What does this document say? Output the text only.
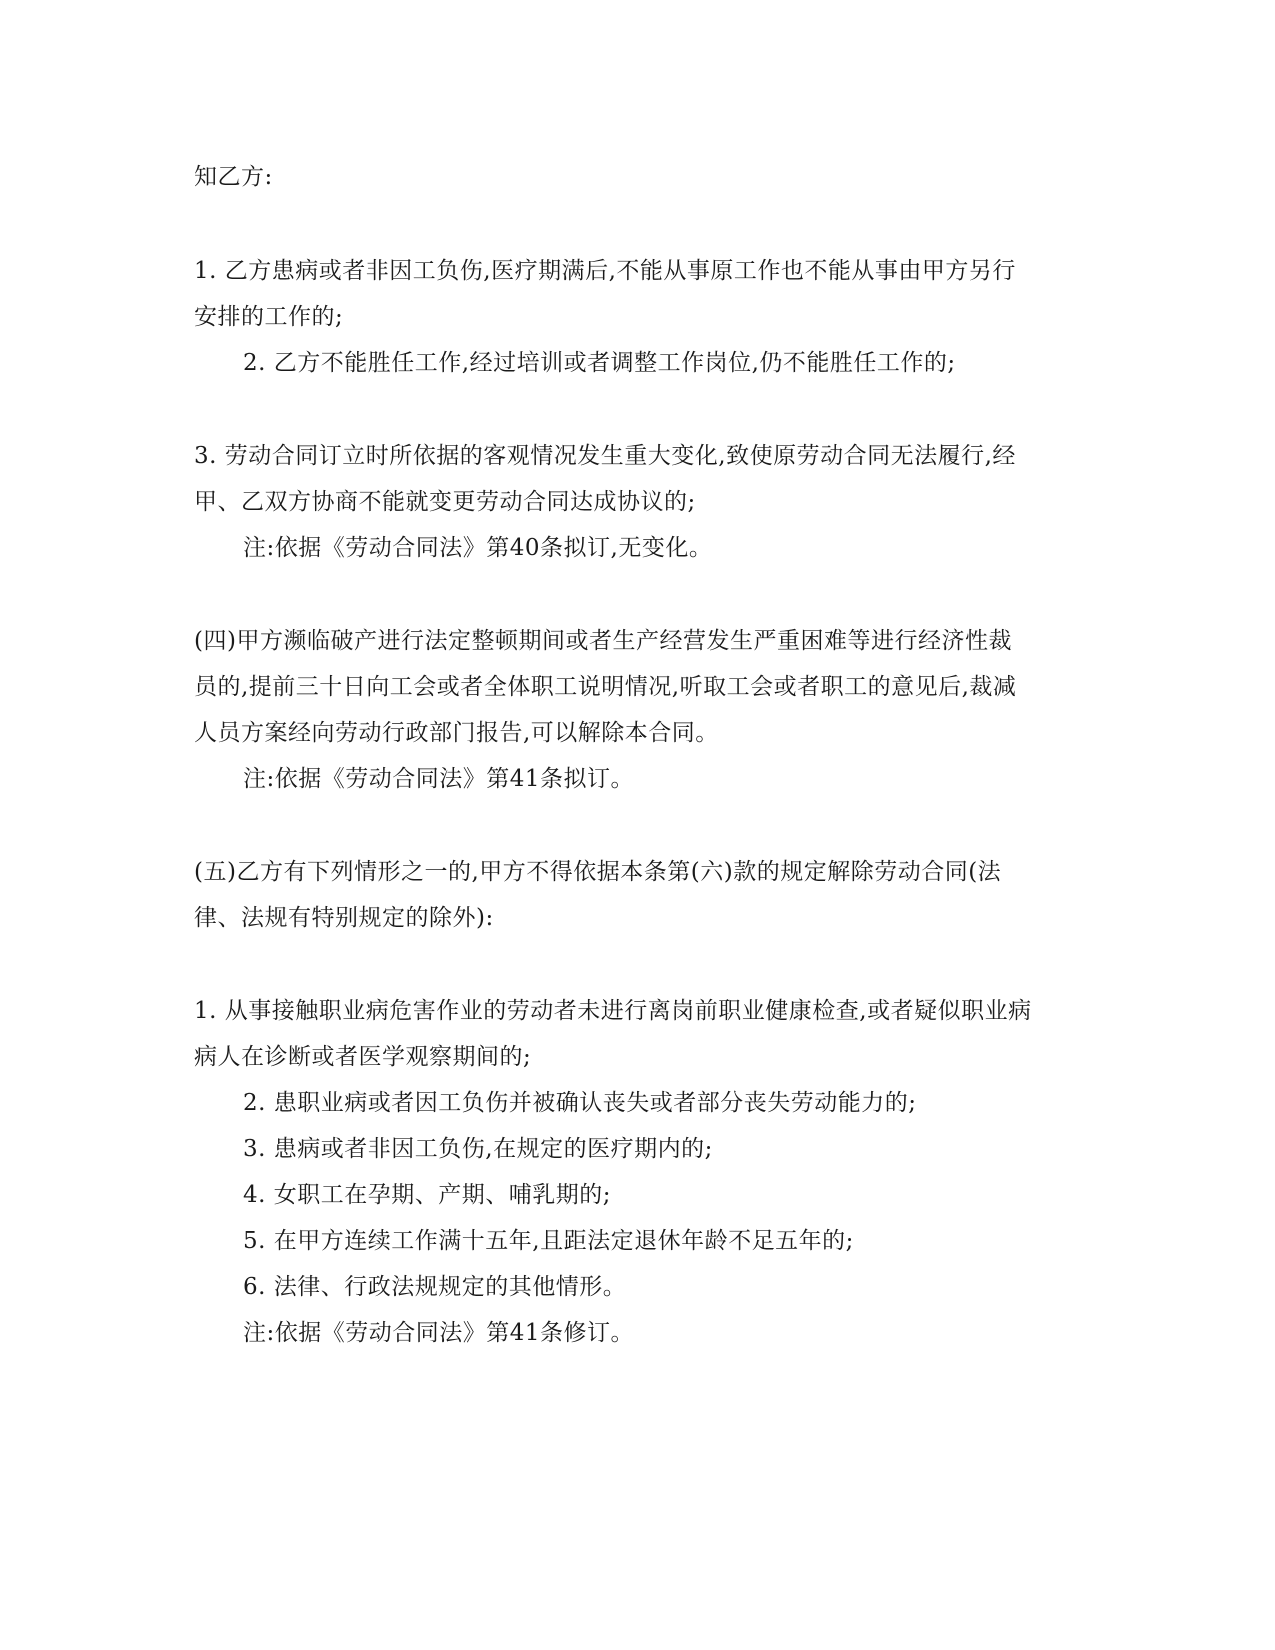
知乙方:
1. 乙方患病或者非因工负伤,医疗期满后,不能从事原工作也不能从事由甲方另行
安排的工作的;
2. 乙方不能胜任工作,经过培训或者调整工作岗位,仍不能胜任工作的;
3. 劳动合同订立时所依据的客观情况发生重大变化,致使原劳动合同无法履行,经
甲、乙双方协商不能就变更劳动合同达成协议的;
注:依据《劳动合同法》第40条拟订,无变化。
(四)甲方濒临破产进行法定整顿期间或者生产经营发生严重困难等进行经济性裁
员的,提前三十日向工会或者全体职工说明情况,听取工会或者职工的意见后,裁减
人员方案经向劳动行政部门报告,可以解除本合同。
注:依据《劳动合同法》第41条拟订。
(五)乙方有下列情形之一的,甲方不得依据本条第(六)款的规定解除劳动合同(法
律、法规有特别规定的除外):
1. 从事接触职业病危害作业的劳动者未进行离岗前职业健康检查,或者疑似职业病
病人在诊断或者医学观察期间的;
2. 患职业病或者因工负伤并被确认丧失或者部分丧失劳动能力的;
3. 患病或者非因工负伤,在规定的医疗期内的;
4. 女职工在孕期、产期、哺乳期的;
5. 在甲方连续工作满十五年,且距法定退休年龄不足五年的;
6. 法律、行政法规规定的其他情形。
注:依据《劳动合同法》第41条修订。
